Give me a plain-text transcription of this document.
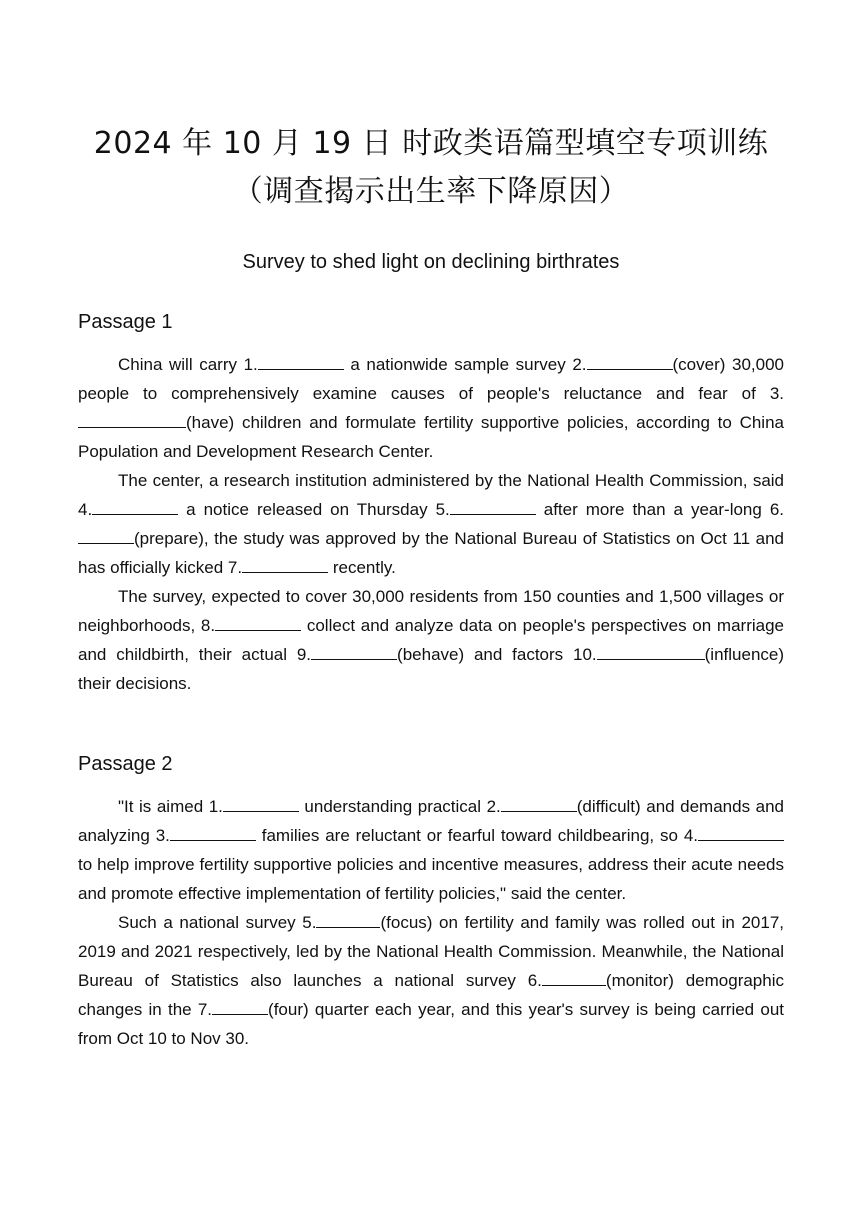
2024 年 10 月 19 日 时政类语篇型填空专项训练（调查揭示出生率下降原因）
Survey to shed light on declining birthrates
Passage 1

China will carry 1.	a nationwide sample survey 2.	(cover) 30,000 people to comprehensively examine causes of people's reluctance and fear of 3.(have) children and formulate fertility supportive policies, according to China Population and Development Research Center.

The center, a research institution administered by the National Health Commission, said 4.	a notice released on Thursday 5.	after more than a year-long 6.(prepare), the study was approved by the National Bureau of Statistics on Oct 11 and has officially kicked 7.	recently.

The survey, expected to cover 30,000 residents from 150 counties and 1,500 villages or neighborhoods, 8.	collect and analyze data on people's perspectives on marriage and childbirth, their actual 9.	(behave) and factors 10.	(influence) their decisions.

Passage 2

"It is aimed 1.	understanding practical 2.	(difficult) and demands and analyzing 3.	families are reluctant or fearful toward childbearing, so 4. to help improve fertility supportive policies and incentive measures, address their acute needs and promote effective implementation of fertility policies," said the center.

Such a national survey 5.	(focus) on fertility and family was rolled out in 2017, 2019 and 2021 respectively, led by the National Health Commission. Meanwhile, the National Bureau of Statistics also launches a national survey 6.	(monitor) demographic changes in the 7.	(four) quarter each year, and this year's survey is being carried out from Oct 10 to Nov 30.
